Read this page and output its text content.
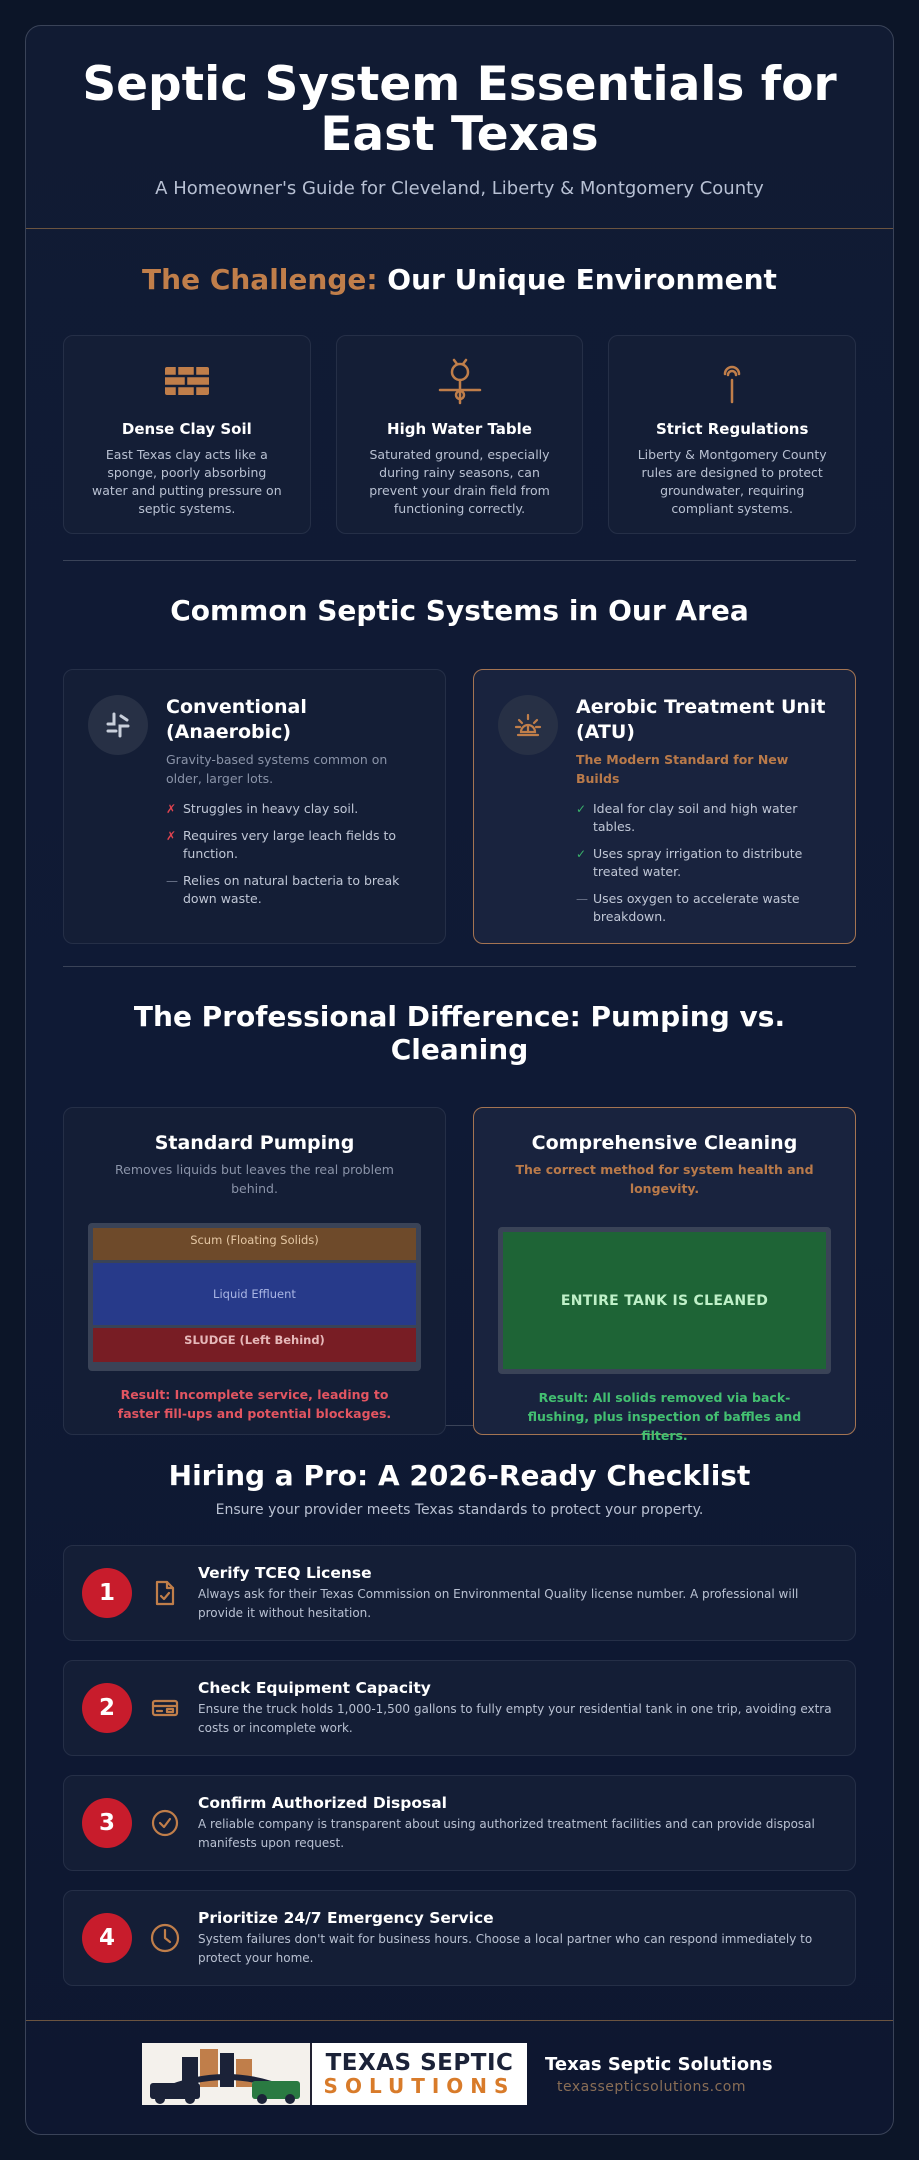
Septic System Essentials for
East Texas

A Homeowner's Guide for Cleveland, Liberty & Montgomery County

The Challenge: Our Unique Environment
Dense Clay Soil

East Texas clay acts like a sponge, poorly absorbing water and putting pressure on septic systems.

High Water Table

Saturated ground, especially during rainy seasons, can prevent your drain field from functioning correctly.

Strict Regulations

Liberty & Montgomery County rules are designed to protect groundwater, requiring compliant systems.

Common Septic Systems in Our Area
Conventional (Anaerobic)
Gravity-based systems common on older, larger lots.
✗ Struggles in heavy clay soil.
✗ Requires very large leach fields to function.
— Relies on natural bacteria to break down waste.
Aerobic Treatment Unit (ATU)
The Modern Standard for New Builds
✓ Ideal for clay soil and high water tables.
✓ Uses spray irrigation to distribute treated water.
— Uses oxygen to accelerate waste breakdown.
The Professional Difference: Pumping vs. Cleaning
Standard Pumping
Removes liquids but leaves the real problem behind.
Scum (Floating Solids)
Liquid Effluent
SLUDGE (Left Behind)
Result: Incomplete service, leading to faster fill-ups and potential blockages.
Comprehensive Cleaning
The correct method for system health and longevity.
ENTIRE TANK IS CLEANED
Result: All solids removed via back-flushing, plus inspection of baffles and filters.
Hiring a Pro: A 2026-Ready Checklist

Ensure your provider meets Texas standards to protect your property.

1
Verify TCEQ License

Always ask for their Texas Commission on Environmental Quality license number. A professional will provide it without hesitation.

2
Check Equipment Capacity

Ensure the truck holds 1,000-1,500 gallons to fully empty your residential tank in one trip, avoiding extra costs or incomplete work.

3
Confirm Authorized Disposal

A reliable company is transparent about using authorized treatment facilities and can provide disposal manifests upon request.

4
Prioritize 24/7 Emergency Service

System failures don't wait for business hours. Choose a local partner who can respond immediately to protect your home.

TEXAS SEPTIC
SOLUTIONS
Texas Septic Solutions
texassepticsolutions.com
